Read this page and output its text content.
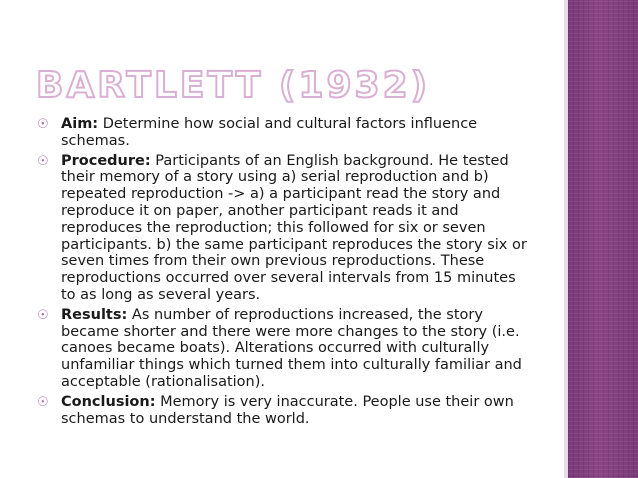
BARTLETT (1932)
☉ Aim: Determine how social and cultural factors influence schemas.
☉ Procedure: Participants of an English background. He tested their memory of a story using a) serial reproduction and b) repeated reproduction -> a) a participant read the story and reproduce it on paper, another participant reads it and reproduces the reproduction; this followed for six or seven participants. b) the same participant reproduces the story six or seven times from their own previous reproductions. These reproductions occurred over several intervals from 15 minutes to as long as several years.
☉ Results: As number of reproductions increased, the story became shorter and there were more changes to the story (i.e. canoes became boats). Alterations occurred with culturally unfamiliar things which turned them into culturally familiar and acceptable (rationalisation).
☉ Conclusion: Memory is very inaccurate. People use their own schemas to understand the world.
